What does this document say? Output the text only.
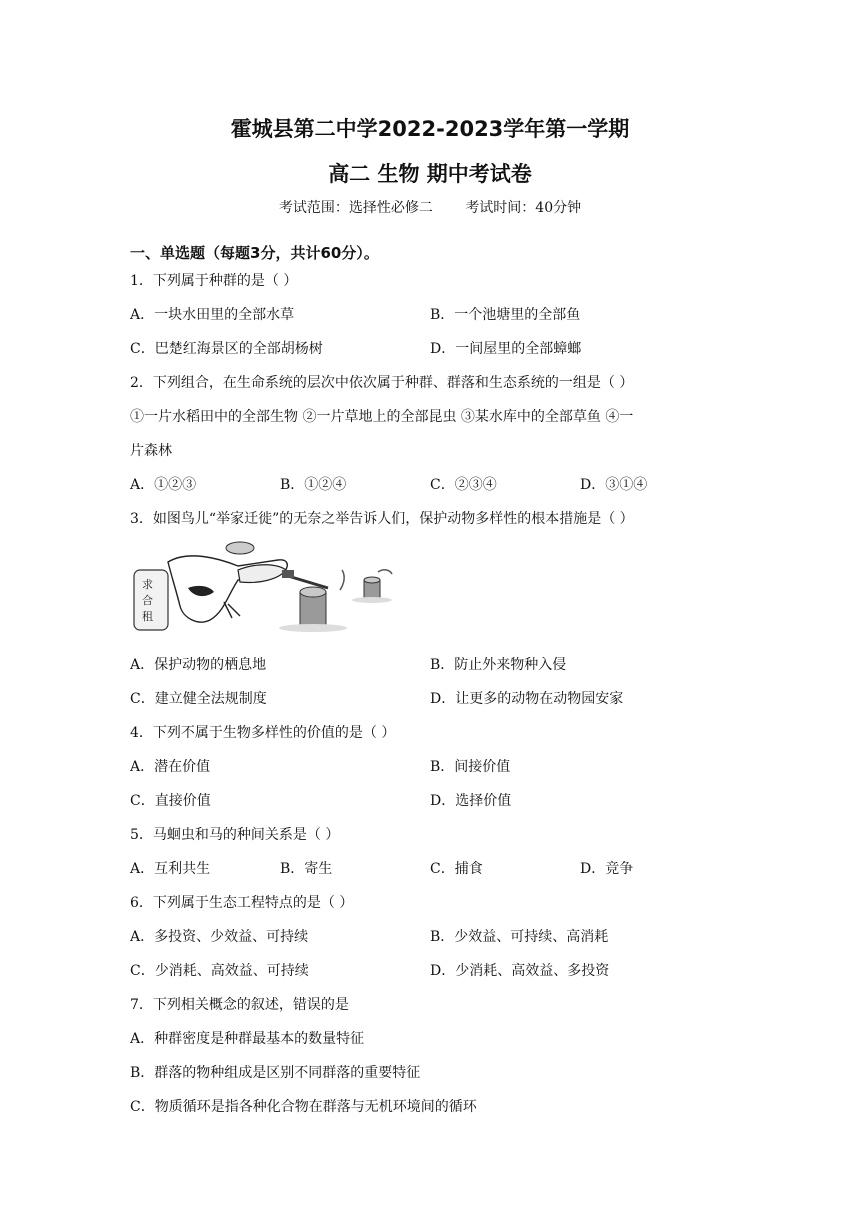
霍城县第二中学2022-2023学年第一学期
高二 生物 期中考试卷
考试范围：选择性必修二 考试时间：40分钟
一、单选题（每题3分，共计60分）。
1．下列属于种群的是（ ）
A．一块水田里的全部水草	B．一个池塘里的全部鱼
C．巴楚红海景区的全部胡杨树	D．一间屋里的全部蟑螂
2．下列组合，在生命系统的层次中依次属于种群、群落和生态系统的一组是（ ）
①一片水稻田中的全部生物 ②一片草地上的全部昆虫 ③某水库中的全部草鱼 ④一
片森林
A．①②③	B．①②④	C．②③④	D．③①④
3．如图鸟儿“举家迁徙”的无奈之举告诉人们，保护动物多样性的根本措施是（ ）
求
合
租
A．保护动物的栖息地	B．防止外来物种入侵
C．建立健全法规制度	D．让更多的动物在动物园安家
4．下列不属于生物多样性的价值的是（ ）
A．潜在价值	B．间接价值
C．直接价值	D．选择价值
5．马蛔虫和马的种间关系是（ ）
A．互利共生	B．寄生	C．捕食	D．竞争
6．下列属于生态工程特点的是（ ）
A．多投资、少效益、可持续	B．少效益、可持续、高消耗
C．少消耗、高效益、可持续	D．少消耗、高效益、多投资
7．下列相关概念的叙述，错误的是
A．种群密度是种群最基本的数量特征
B．群落的物种组成是区别不同群落的重要特征
C．物质循环是指各种化合物在群落与无机环境间的循环
